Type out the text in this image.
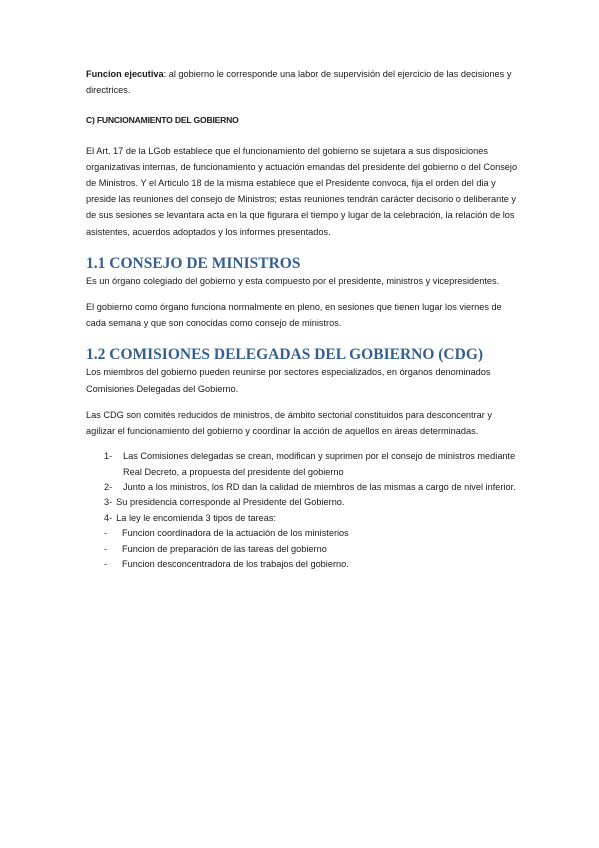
Funcion ejecutiva: al gobierno le corresponde una labor de supervisión del ejercicio de las decisiones y directrices.

C) FUNCIONAMIENTO DEL GOBIERNO

El Art. 17 de la LGob establece que el funcionamiento del gobierno se sujetara a sus disposiciones organizativas internas, de funcionamiento y actuación emandas del presidente del gobierno o del Consejo de Ministros. Y el Articulo 18 de la misma establece que el Presidente convoca, fija el orden del dia y preside las reuniones del consejo de Ministros; estas reuniones tendrán carácter decisorio o deliberante y de sus sesiones se levantara acta en la que figurara el tiempo y lugar de la celebración, la relación de los asistentes, acuerdos adoptados y los informes presentados.

1.1 CONSEJO DE MINISTROS

Es un órgano colegiado del gobierno y esta compuesto por el presidente, ministros y vicepresidentes.

El gobierno como órgano funciona normalmente en pleno, en sesiones que tienen lugar los viernes de cada semana y que son conocidas como consejo de ministros.

1.2 COMISIONES DELEGADAS DEL GOBIERNO (CDG)

Los miembros del gobierno pueden reunirse por sectores especializados, en órganos denominados Comisiones Delegadas del Gobierno.

Las CDG son comités reducidos de ministros, de ámbito sectorial constituidos para desconcentrar y agilizar el funcionamiento del gobierno y coordinar la acción de aquellos en áreas determinadas.

1-	Las Comisiones delegadas se crean, modifican y suprimen por el consejo de ministros mediante Real Decreto, a propuesta del presidente del gobierno
2-	Junto a los ministros, los RD dan la calidad de miembros de las mismas a cargo de nivel inferior.
3- Su presidencia corresponde al Presidente del Gobierno.
4- La ley le encomienda 3 tipos de tareas:
-	Funcion coordinadora de la actuación de los ministerios
-	Funcion de preparación de las tareas del gobierno
-	Funcion desconcentradora de los trabajos del gobierno.
